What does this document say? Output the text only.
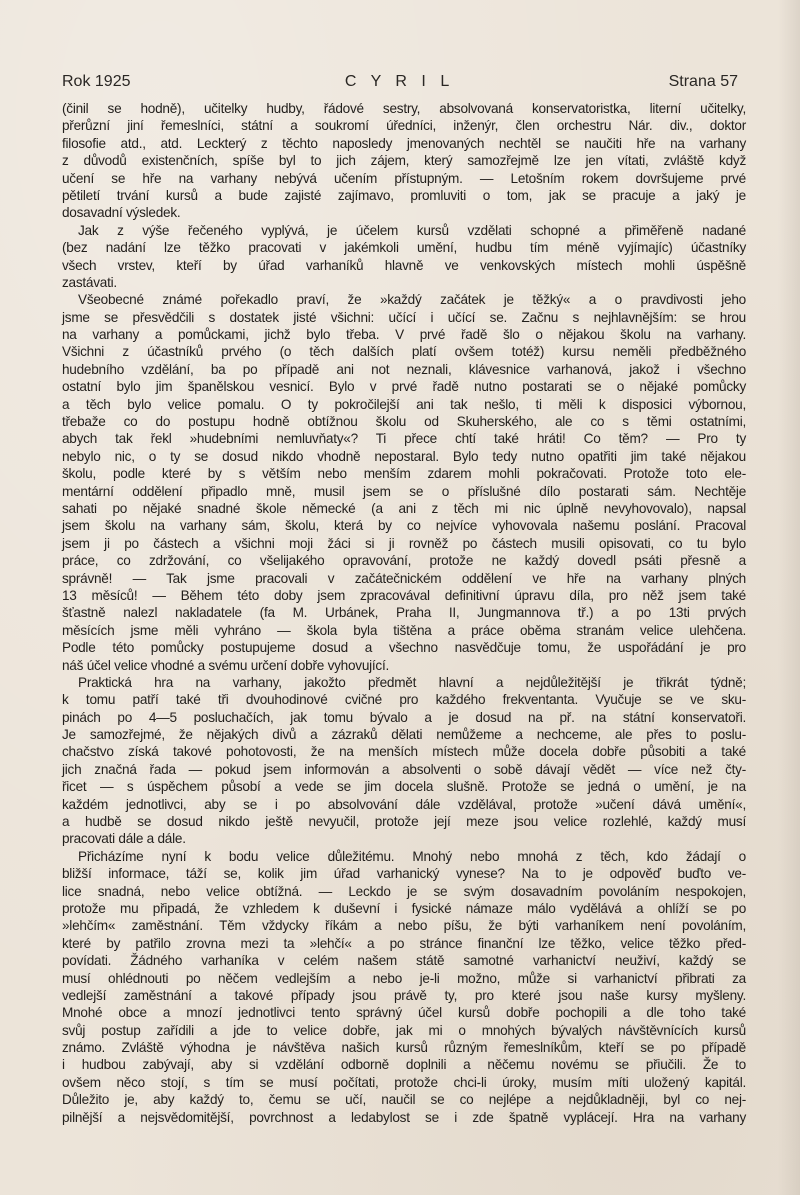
Rok 1925	C Y R I L	Strana 57
(činil se hodně), učitelky hudby, řádové sestry, absolvovaná konservatoristka, literní učitelky,
přerůzní jiní řemeslníci, státní a soukromí úředníci, inženýr, člen orchestru Nár. div., doktor
filosofie atd., atd. Leckterý z těchto naposledy jmenovaných nechtěl se naučiti hře na varhany
z důvodů existenčních, spíše byl to jich zájem, který samozřejmě lze jen vítati, zvláště když
učení se hře na varhany nebývá učením přístupným. — Letošním rokem dovršujeme prvé
pětiletí trvání kursů a bude zajisté zajímavo, promluviti o tom, jak se pracuje a jaký je
dosavadní výsledek.
Jak z výše řečeného vyplývá, je účelem kursů vzdělati schopné a přiměřeně nadané
(bez nadání lze těžko pracovati v jakémkoli umění, hudbu tím méně vyjímajíc) účastníky
všech vrstev, kteří by úřad varhaníků hlavně ve venkovských místech mohli úspěšně
zastávati.
Všeobecné známé pořekadlo praví, že »každý začátek je těžký« a o pravdivosti jeho
jsme se přesvědčili s dostatek jisté všichni: učící i učící se. Začnu s nejhlavnějším: se hrou
na varhany a pomůckami, jichž bylo třeba. V prvé řadě šlo o nějakou školu na varhany.
Všichni z účastníků prvého (o těch dalších platí ovšem totéž) kursu neměli předběžného
hudebního vzdělání, ba po případě ani not neznali, klávesnice varhanová, jakož i všechno
ostatní bylo jim španělskou vesnicí. Bylo v prvé řadě nutno postarati se o nějaké pomůcky
a těch bylo velice pomalu. O ty pokročilejší ani tak nešlo, ti měli k disposici výbornou,
třebaže co do postupu hodně obtížnou školu od Skuherského, ale co s těmi ostatními,
abych tak řekl »hudebními nemluvňaty«? Ti přece chtí také hráti! Co těm? — Pro ty
nebylo nic, o ty se dosud nikdo vhodně nepostaral. Bylo tedy nutno opatřiti jim také nějakou
školu, podle které by s větším nebo menším zdarem mohli pokračovati. Protože toto ele-
mentární oddělení připadlo mně, musil jsem se o příslušné dílo postarati sám. Nechtěje
sahati po nějaké snadné škole německé (a ani z těch mi nic úplně nevyhovovalo), napsal
jsem školu na varhany sám, školu, která by co nejvíce vyhovovala našemu poslání. Pracoval
jsem ji po částech a všichni moji žáci si ji rovněž po částech musili opisovati, co tu bylo
práce, co zdržování, co všelijakého opravování, protože ne každý dovedl psáti přesně a
správně! — Tak jsme pracovali v začátečnickém oddělení ve hře na varhany plných
13 měsíců! — Během této doby jsem zpracovával definitivní úpravu díla, pro něž jsem také
šťastně nalezl nakladatele (fa M. Urbánek, Praha II, Jungmannova tř.) a po 13ti prvých
měsících jsme měli vyhráno — škola byla tištěna a práce oběma stranám velice ulehčena.
Podle této pomůcky postupujeme dosud a všechno nasvědčuje tomu, že uspořádání je pro
náš účel velice vhodné a svému určení dobře vyhovující.
Praktická hra na varhany, jakožto předmět hlavní a nejdůležitější je třikrát týdně;
k tomu patří také tři dvouhodinové cvičné pro každého frekventanta. Vyučuje se ve sku-
pinách po 4—5 posluchačích, jak tomu bývalo a je dosud na př. na státní konservatoři.
Je samozřejmé, že nějakých divů a zázraků dělati nemůžeme a nechceme, ale přes to poslu-
chačstvo získá takové pohotovosti, že na menších místech může docela dobře působiti a také
jich značná řada — pokud jsem informován a absolventi o sobě dávají vědět — více než čty-
řicet — s úspěchem působí a vede se jim docela slušně. Protože se jedná o umění, je na
každém jednotlivci, aby se i po absolvování dále vzdělával, protože »učení dává umění«,
a hudbě se dosud nikdo ještě nevyučil, protože její meze jsou velice rozlehlé, každý musí
pracovati dále a dále.
Přicházíme nyní k bodu velice důležitému. Mnohý nebo mnohá z těch, kdo žádají o
bližší informace, táží se, kolik jim úřad varhanický vynese? Na to je odpověď buďto ve-
lice snadná, nebo velice obtížná. — Leckdo je se svým dosavadním povoláním nespokojen,
protože mu připadá, že vzhledem k duševní i fysické námaze málo vydělává a ohlíží se po
»lehčím« zaměstnání. Těm vždycky říkám a nebo píšu, že býti varhaníkem není povoláním,
které by patřilo zrovna mezi ta »lehčí« a po stránce finanční lze těžko, velice těžko před-
povídati. Žádného varhaníka v celém našem státě samotné varhanictví neuživí, každý se
musí ohlédnouti po něčem vedlejším a nebo je-li možno, může si varhanictví přibrati za
vedlejší zaměstnání a takové případy jsou právě ty, pro které jsou naše kursy myšleny.
Mnohé obce a mnozí jednotlivci tento správný účel kursů dobře pochopili a dle toho také
svůj postup zařídili a jde to velice dobře, jak mi o mnohých bývalých návštěvnících kursů
známo. Zvláště výhodna je návštěva našich kursů různým řemeslníkům, kteří se po případě
i hudbou zabývají, aby si vzdělání odborně doplnili a něčemu novému se přiučili. Že to
ovšem něco stojí, s tím se musí počítati, protože chci-li úroky, musím míti uložený kapitál.
Důležito je, aby každý to, čemu se učí, naučil se co nejlépe a nejdůkladněji, byl co nej-
pilnější a nejsvědomitější, povrchnost a ledabylost se i zde špatně vyplácejí. Hra na varhany
